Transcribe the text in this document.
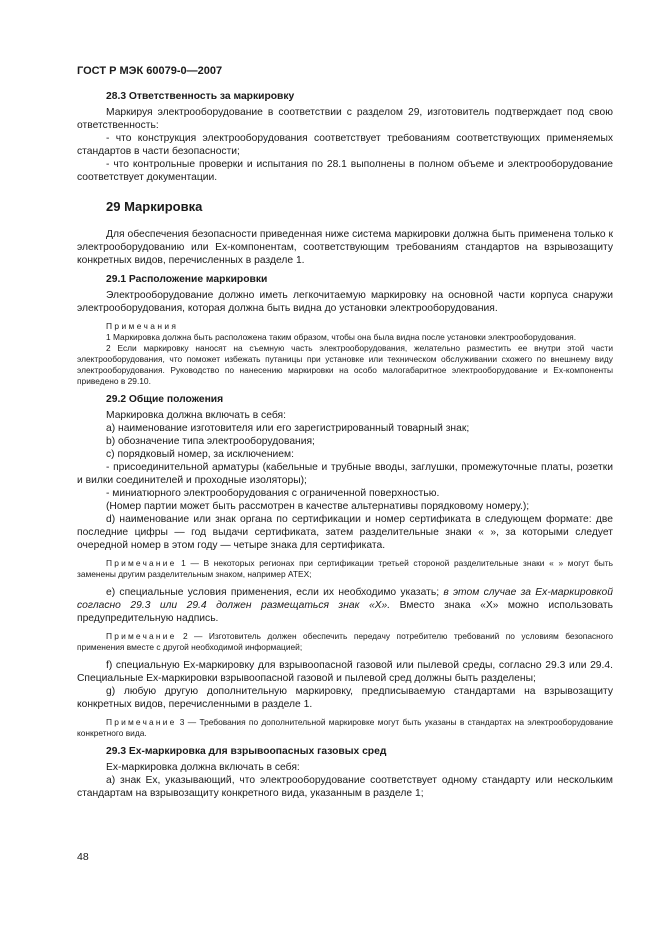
ГОСТ Р МЭК 60079-0—2007

28.3 Ответственность за маркировку

Маркируя электрооборудование в соответствии с разделом 29, изготовитель подтверждает под свою ответственность:

- что конструкция электрооборудования соответствует требованиям соответствующих применяемых стандартов в части безопасности;

- что контрольные проверки и испытания по 28.1 выполнены в полном объеме и электрооборудование соответствует документации.

29 Маркировка

Для обеспечения безопасности приведенная ниже система маркировки должна быть применена только к электрооборудованию или Ex-компонентам, соответствующим требованиям стандартов на взрывозащиту конкретных видов, перечисленных в разделе 1.

29.1 Расположение маркировки

Электрооборудование должно иметь легкочитаемую маркировку на основной части корпуса снаружи электрооборудования, которая должна быть видна до установки электрооборудования.

Примечания

1 Маркировка должна быть расположена таким образом, чтобы она была видна после установки электрооборудования.

2 Если маркировку наносят на съемную часть электрооборудования, желательно разместить ее внутри этой части электрооборудования, что поможет избежать путаницы при установке или техническом обслуживании схожего по внешнему виду электрооборудования. Руководство по нанесению маркировки на особо малогабаритное электрооборудование и Ex-компоненты приведено в 29.10.

29.2 Общие положения

Маркировка должна включать в себя:

a) наименование изготовителя или его зарегистрированный товарный знак;

b) обозначение типа электрооборудования;

c) порядковый номер, за исключением:

- присоединительной арматуры (кабельные и трубные вводы, заглушки, промежуточные платы, розетки и вилки соединителей и проходные изоляторы);

- миниатюрного электрооборудования с ограниченной поверхностью.

(Номер партии может быть рассмотрен в качестве альтернативы порядковому номеру.);

d) наименование или знак органа по сертификации и номер сертификата в следующем формате: две последние цифры — год выдачи сертификата, затем разделительные знаки « », за которыми следует очередной номер в этом году — четыре знака для сертификата.

Примечание 1 — В некоторых регионах при сертификации третьей стороной разделительные знаки « » могут быть заменены другим разделительным знаком, например АТЕХ;

e) специальные условия применения, если их необходимо указать; в этом случае за Ex-маркировкой согласно 29.3 или 29.4 должен размещаться знак «X». Вместо знака «X» можно использовать предупредительную надпись.

Примечание 2 — Изготовитель должен обеспечить передачу потребителю требований по условиям безопасного применения вместе с другой необходимой информацией;

f) специальную Ex-маркировку для взрывоопасной газовой или пылевой среды, согласно 29.3 или 29.4. Специальные Ex-маркировки взрывоопасной газовой и пылевой сред должны быть разделены;

g) любую другую дополнительную маркировку, предписываемую стандартами на взрывозащиту конкретных видов, перечисленными в разделе 1.

Примечание 3 — Требования по дополнительной маркировке могут быть указаны в стандартах на электрооборудование конкретного вида.

29.3 Ex-маркировка для взрывоопасных газовых сред

Ex-маркировка должна включать в себя:

a) знак Ex, указывающий, что электрооборудование соответствует одному стандарту или нескольким стандартам на взрывозащиту конкретного вида, указанным в разделе 1;

48
